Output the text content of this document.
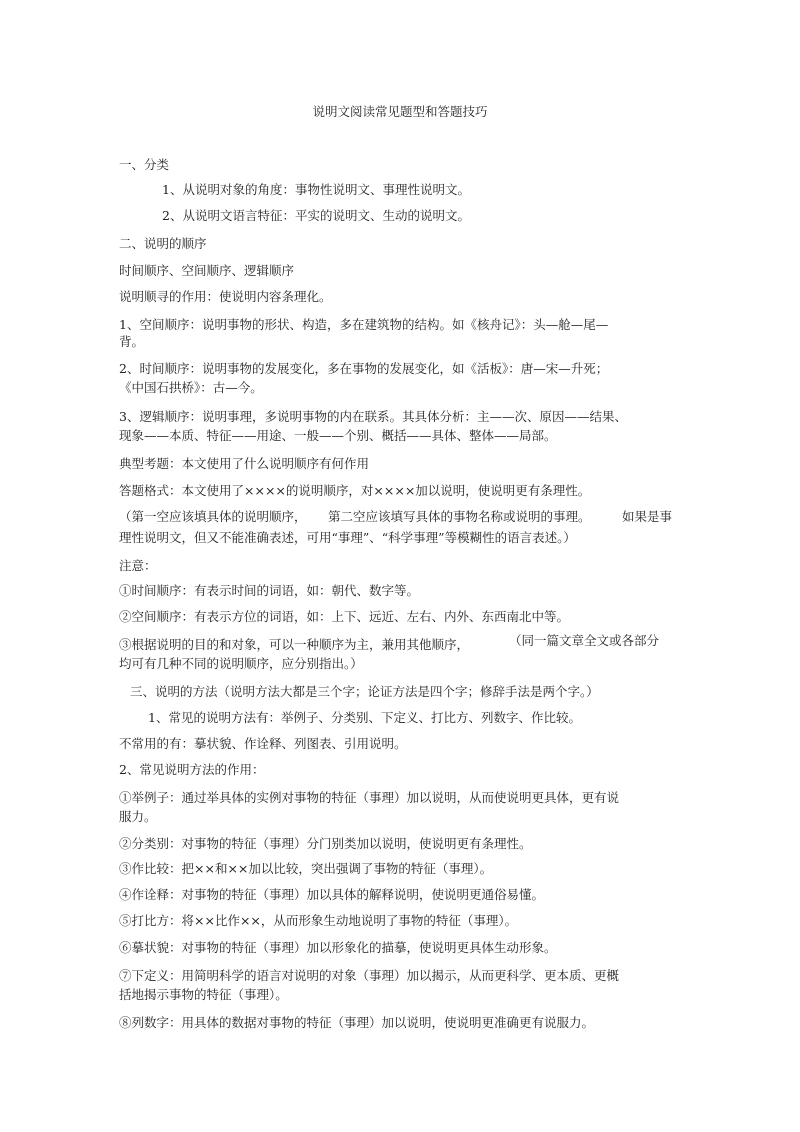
说明文阅读常见题型和答题技巧
一、分类
1、从说明对象的角度：事物性说明文、事理性说明文。
2、从说明文语言特征：平实的说明文、生动的说明文。
二、说明的顺序
时间顺序、空间顺序、逻辑顺序
说明顺寻的作用：使说明内容条理化。
1、空间顺序：说明事物的形状、构造，多在建筑物的结构。如《核舟记》：头—舱—尾—
背。
2、时间顺序：说明事物的发展变化，多在事物的发展变化，如《活板》：唐—宋—升死；
《中国石拱桥》：古—今。
3、逻辑顺序：说明事理，多说明事物的内在联系。其具体分析：主——次、原因——结果、
现象——本质、特征——用途、一般——个别、概括——具体、整体——局部。
典型考题：本文使用了什么说明顺序有何作用
答题格式：本文使用了××××的说明顺序，对××××加以说明，使说明更有条理性。
（第一空应该填具体的说明顺序， 第二空应该填写具体的事物名称或说明的事理。	如果是事
理性说明文，但又不能准确表述，可用“事理”、“科学事理”等模糊性的语言表述。）
注意：
①时间顺序：有表示时间的词语，如：朝代、数字等。
②空间顺序：有表示方位的词语，如：上下、远近、左右、内外、东西南北中等。
③根据说明的目的和对象，可以一种顺序为主，兼用其他顺序，	（同一篇文章全文或各部分
均可有几种不同的说明顺序，应分别指出。）
三、说明的方法（说明方法大都是三个字；论证方法是四个字；修辞手法是两个字。）
1、常见的说明方法有：举例子、分类别、下定义、打比方、列数字、作比较。
不常用的有：摹状貌、作诠释、列图表、引用说明。
2、常见说明方法的作用：
①举例子：通过举具体的实例对事物的特征（事理）加以说明，从而使说明更具体，更有说
服力。
②分类别：对事物的特征（事理）分门别类加以说明，使说明更有条理性。
③作比较：把××和××加以比较，突出强调了事物的特征（事理）。
④作诠释：对事物的特征（事理）加以具体的解释说明，使说明更通俗易懂。
⑤打比方：将××比作××，从而形象生动地说明了事物的特征（事理）。
⑥摹状貌：对事物的特征（事理）加以形象化的描摹，使说明更具体生动形象。
⑦下定义：用简明科学的语言对说明的对象（事理）加以揭示，从而更科学、更本质、更概
括地揭示事物的特征（事理）。
⑧列数字：用具体的数据对事物的特征（事理）加以说明，使说明更准确更有说服力。
